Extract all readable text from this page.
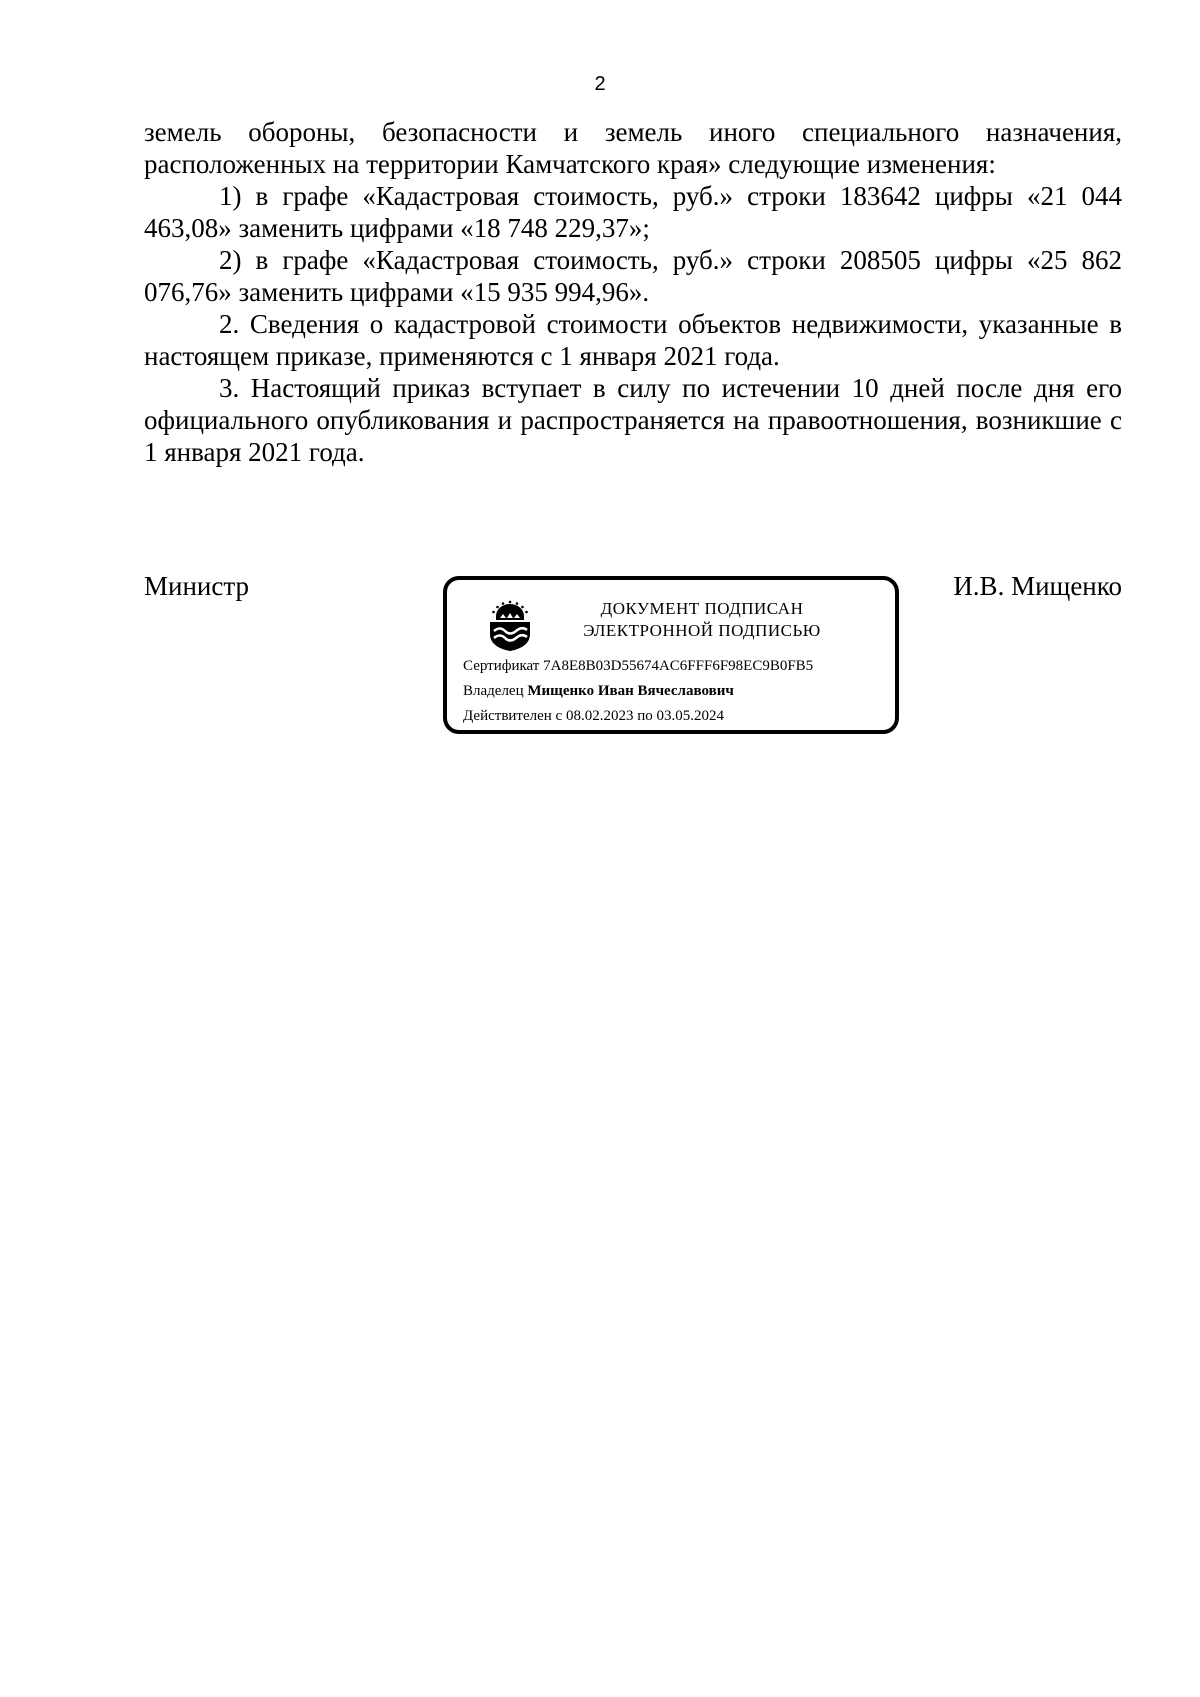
2

земель обороны, безопасности и земель иного специального назначения, расположенных на территории Камчатского края» следующие изменения:

1) в графе «Кадастровая стоимость, руб.» строки 183642 цифры «21 044 463,08» заменить цифрами «18 748 229,37»;

2) в графе «Кадастровая стоимость, руб.» строки 208505 цифры «25 862 076,76» заменить цифрами «15 935 994,96».

2. Сведения о кадастровой стоимости объектов недвижимости, указанные в настоящем приказе, применяются с 1 января 2021 года.

3. Настоящий приказ вступает в силу по истечении 10 дней после дня его официального опубликования и распространяется на правоотношения, возникшие с 1 января 2021 года.

Министр	И.В. Мищенко
ДОКУМЕНТ ПОДПИСАН
ЭЛЕКТРОННОЙ ПОДПИСЬЮ
Сертификат 7A8E8B03D55674AC6FFF6F98EC9B0FB5
Владелец Мищенко Иван Вячеславович
Действителен с 08.02.2023 по 03.05.2024
